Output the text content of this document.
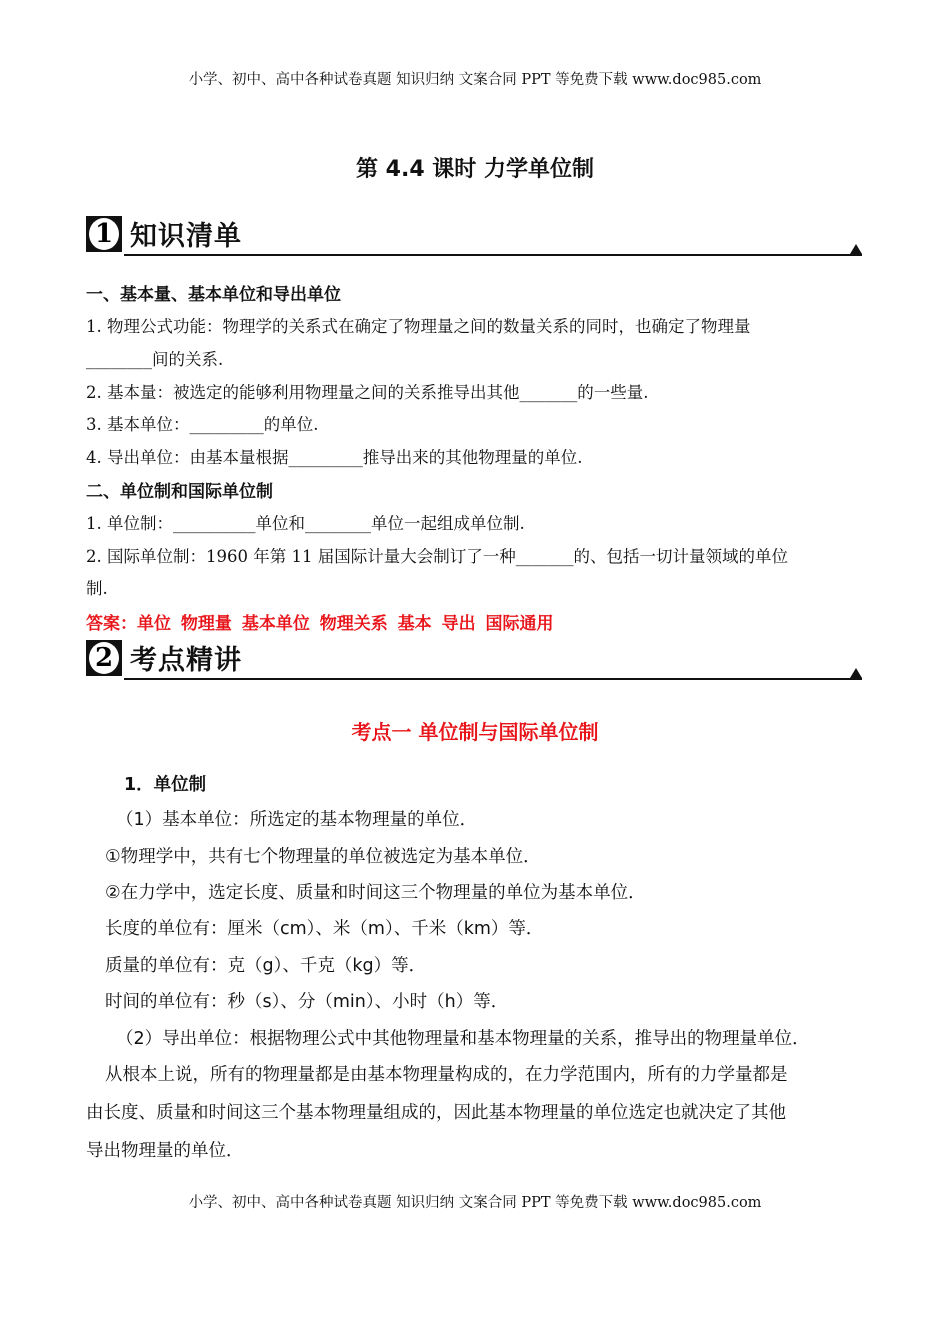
小学、初中、高中各种试卷真题 知识归纳 文案合同 PPT 等免费下载 www.doc985.com
第 4.4 课时 力学单位制
1 知识清单
一、基本量、基本单位和导出单位
1. 物理公式功能：物理学的关系式在确定了物理量之间的数量关系的同时，也确定了物理量
________间的关系.
2. 基本量：被选定的能够利用物理量之间的关系推导出其他_______的一些量.
3. 基本单位：_________的单位.
4. 导出单位：由基本量根据_________推导出来的其他物理量的单位.
二、单位制和国际单位制
1. 单位制：__________单位和________单位一起组成单位制.
2. 国际单位制：1960 年第 11 届国际计量大会制订了一种_______的、包括一切计量领域的单位
制.
答案：单位 物理量 基本单位 物理关系 基本 导出 国际通用
2 考点精讲
考点一 单位制与国际单位制
1．单位制
（1）基本单位：所选定的基本物理量的单位．
①物理学中，共有七个物理量的单位被选定为基本单位．
②在力学中，选定长度、质量和时间这三个物理量的单位为基本单位．
长度的单位有：厘米（cm）、米（m）、千米（km）等．
质量的单位有：克（g）、千克（kg）等．
时间的单位有：秒（s）、分（min）、小时（h）等．
（2）导出单位：根据物理公式中其他物理量和基本物理量的关系，推导出的物理量单位．
从根本上说，所有的物理量都是由基本物理量构成的，在力学范围内，所有的力学量都是
由长度、质量和时间这三个基本物理量组成的，因此基本物理量的单位选定也就决定了其他
导出物理量的单位．
小学、初中、高中各种试卷真题 知识归纳 文案合同 PPT 等免费下载 www.doc985.com
